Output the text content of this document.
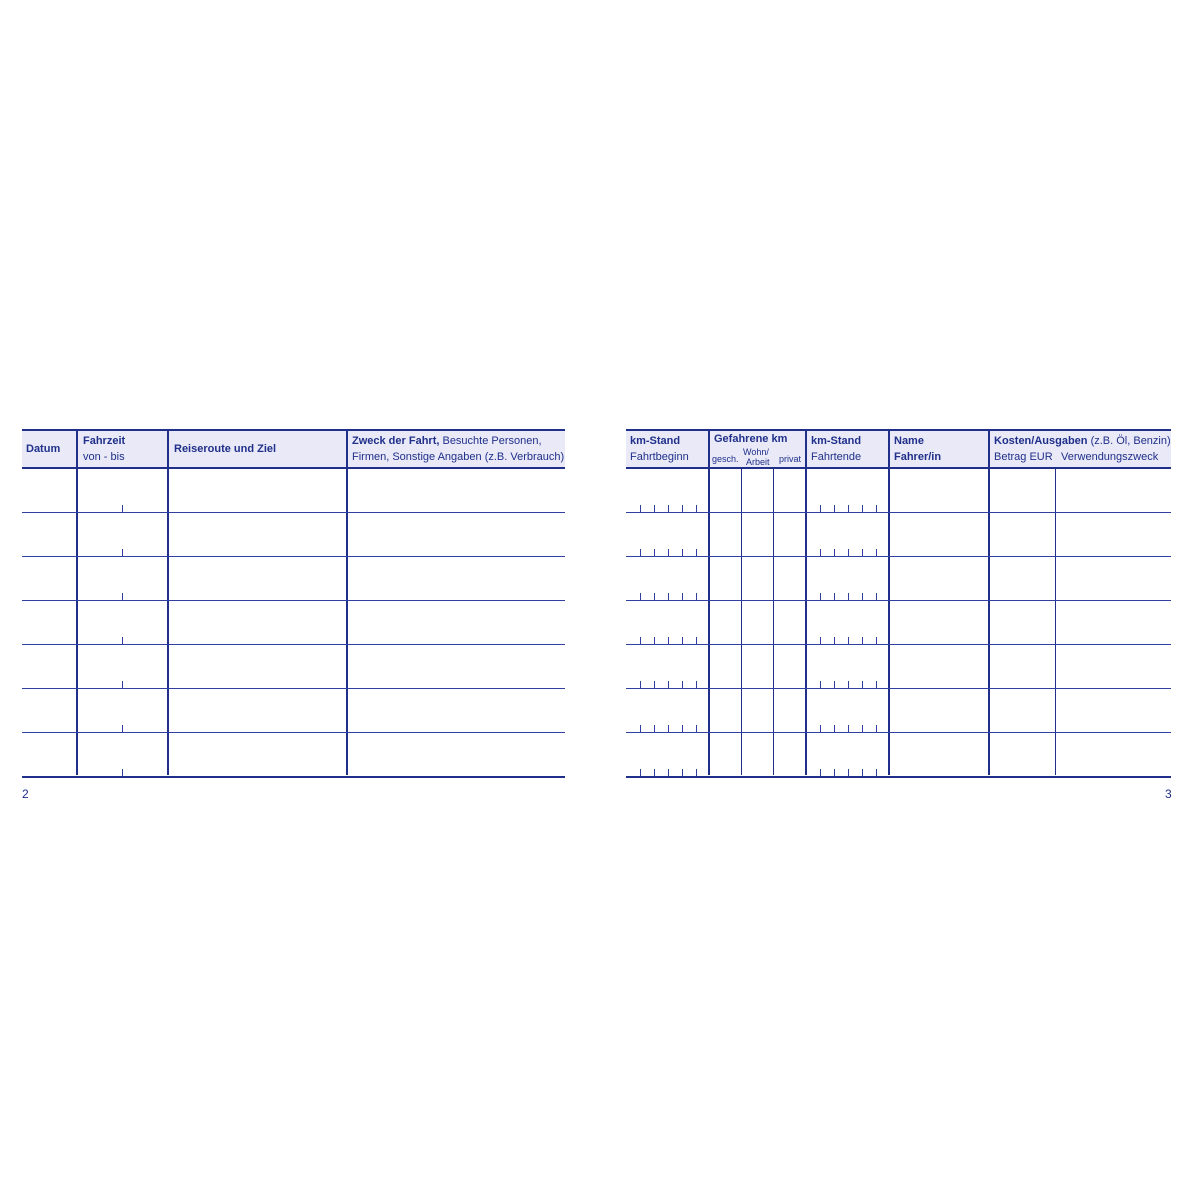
Datum
Fahrzeit
von - bis
Reiseroute und Ziel
Zweck der Fahrt, Besuchte Personen,
Firmen, Sonstige Angaben (z.B. Verbrauch)
2
km-Stand
Fahrtbeginn
Gefahrene km
gesch.
Wohn/
Arbeit privat
km-Stand
Fahrtende
Name
Fahrer/in
Kosten/Ausgaben (z.B. Öl, Benzin)
Betrag EUR Verwendungszweck
3
